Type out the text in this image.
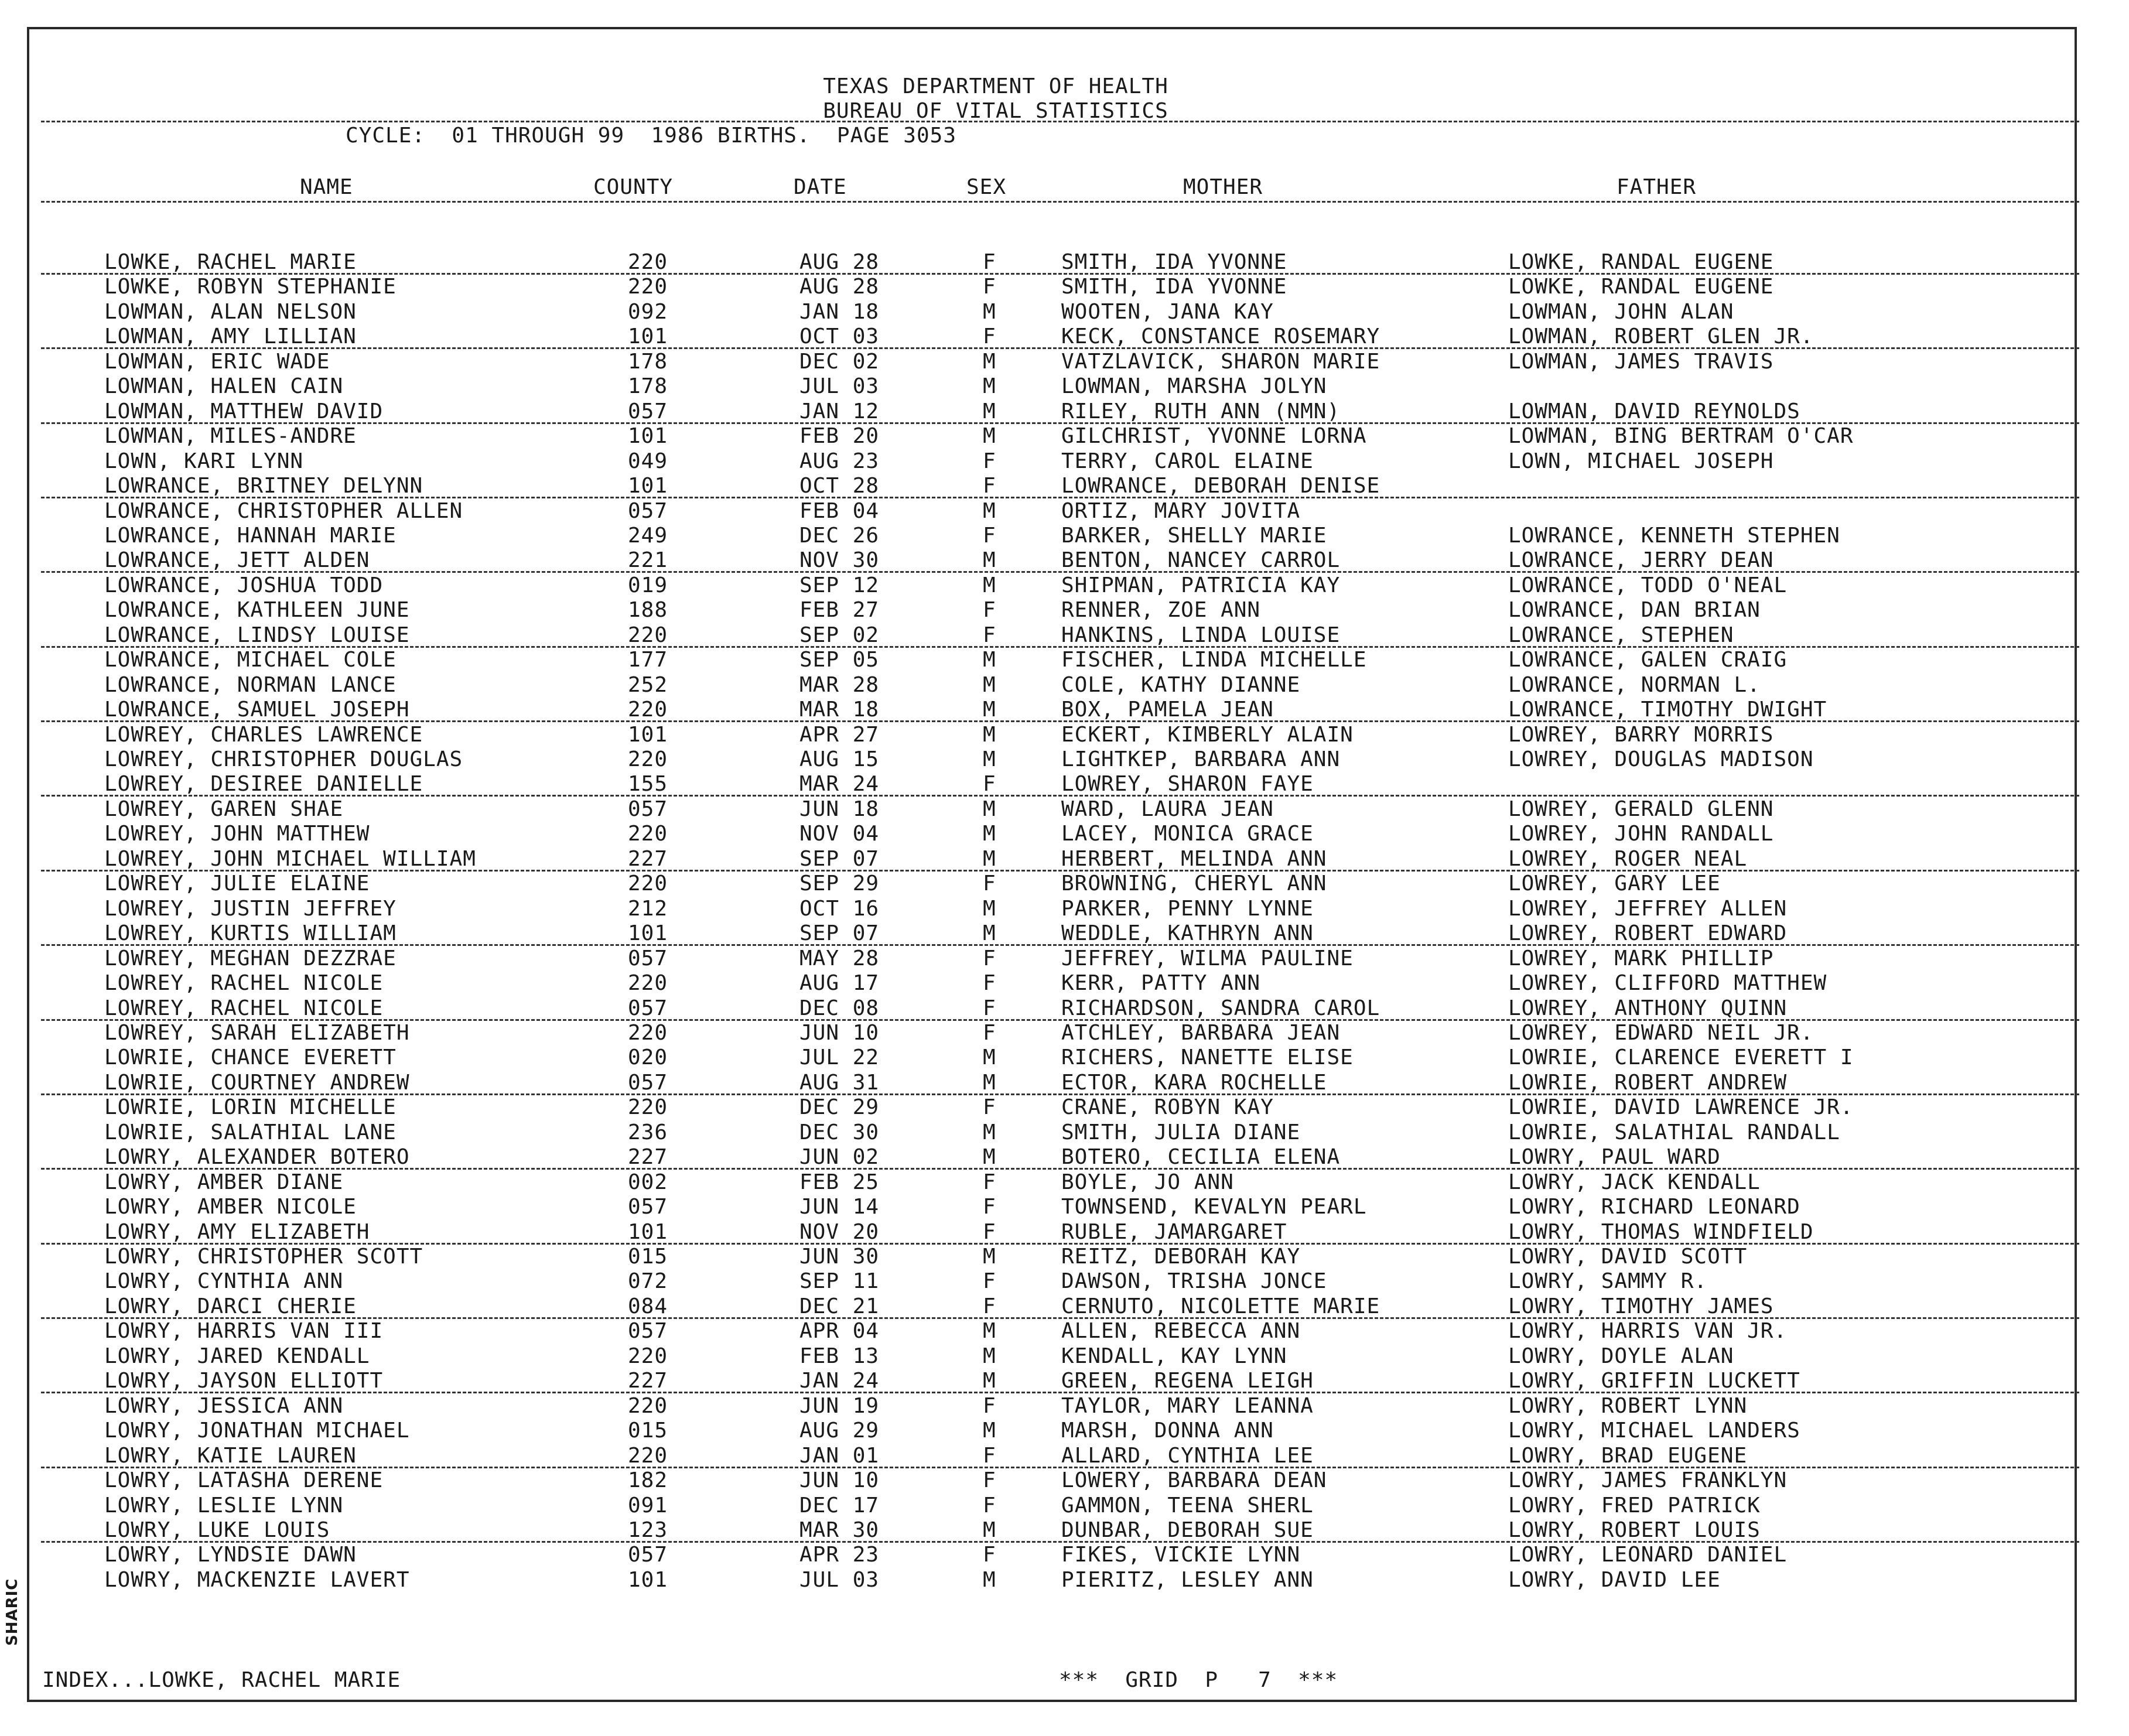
TEXAS DEPARTMENT OF HEALTH
BUREAU OF VITAL STATISTICS
CYCLE:  01 THROUGH 99  1986 BIRTHS.  PAGE 3053
NAME	COUNTY	DATE	SEX	MOTHER	FATHER
LOWKE, RACHEL MARIE	220	AUG 28	F	SMITH, IDA YVONNE	LOWKE, RANDAL EUGENE
LOWKE, ROBYN STEPHANIE	220	AUG 28	F	SMITH, IDA YVONNE	LOWKE, RANDAL EUGENE
LOWMAN, ALAN NELSON	092	JAN 18	M	WOOTEN, JANA KAY	LOWMAN, JOHN ALAN
LOWMAN, AMY LILLIAN	101	OCT 03	F	KECK, CONSTANCE ROSEMARY	LOWMAN, ROBERT GLEN JR.
LOWMAN, ERIC WADE	178	DEC 02	M	VATZLAVICK, SHARON MARIE	LOWMAN, JAMES TRAVIS
LOWMAN, HALEN CAIN	178	JUL 03	M	LOWMAN, MARSHA JOLYN
LOWMAN, MATTHEW DAVID	057	JAN 12	M	RILEY, RUTH ANN (NMN)	LOWMAN, DAVID REYNOLDS
LOWMAN, MILES-ANDRE	101	FEB 20	M	GILCHRIST, YVONNE LORNA	LOWMAN, BING BERTRAM O'CAR
LOWN, KARI LYNN	049	AUG 23	F	TERRY, CAROL ELAINE	LOWN, MICHAEL JOSEPH
LOWRANCE, BRITNEY DELYNN	101	OCT 28	F	LOWRANCE, DEBORAH DENISE
LOWRANCE, CHRISTOPHER ALLEN	057	FEB 04	M	ORTIZ, MARY JOVITA
LOWRANCE, HANNAH MARIE	249	DEC 26	F	BARKER, SHELLY MARIE	LOWRANCE, KENNETH STEPHEN
LOWRANCE, JETT ALDEN	221	NOV 30	M	BENTON, NANCEY CARROL	LOWRANCE, JERRY DEAN
LOWRANCE, JOSHUA TODD	019	SEP 12	M	SHIPMAN, PATRICIA KAY	LOWRANCE, TODD O'NEAL
LOWRANCE, KATHLEEN JUNE	188	FEB 27	F	RENNER, ZOE ANN	LOWRANCE, DAN BRIAN
LOWRANCE, LINDSY LOUISE	220	SEP 02	F	HANKINS, LINDA LOUISE	LOWRANCE, STEPHEN
LOWRANCE, MICHAEL COLE	177	SEP 05	M	FISCHER, LINDA MICHELLE	LOWRANCE, GALEN CRAIG
LOWRANCE, NORMAN LANCE	252	MAR 28	M	COLE, KATHY DIANNE	LOWRANCE, NORMAN L.
LOWRANCE, SAMUEL JOSEPH	220	MAR 18	M	BOX, PAMELA JEAN	LOWRANCE, TIMOTHY DWIGHT
LOWREY, CHARLES LAWRENCE	101	APR 27	M	ECKERT, KIMBERLY ALAIN	LOWREY, BARRY MORRIS
LOWREY, CHRISTOPHER DOUGLAS	220	AUG 15	M	LIGHTKEP, BARBARA ANN	LOWREY, DOUGLAS MADISON
LOWREY, DESIREE DANIELLE	155	MAR 24	F	LOWREY, SHARON FAYE
LOWREY, GAREN SHAE	057	JUN 18	M	WARD, LAURA JEAN	LOWREY, GERALD GLENN
LOWREY, JOHN MATTHEW	220	NOV 04	M	LACEY, MONICA GRACE	LOWREY, JOHN RANDALL
LOWREY, JOHN MICHAEL WILLIAM	227	SEP 07	M	HERBERT, MELINDA ANN	LOWREY, ROGER NEAL
LOWREY, JULIE ELAINE	220	SEP 29	F	BROWNING, CHERYL ANN	LOWREY, GARY LEE
LOWREY, JUSTIN JEFFREY	212	OCT 16	M	PARKER, PENNY LYNNE	LOWREY, JEFFREY ALLEN
LOWREY, KURTIS WILLIAM	101	SEP 07	M	WEDDLE, KATHRYN ANN	LOWREY, ROBERT EDWARD
LOWREY, MEGHAN DEZZRAE	057	MAY 28	F	JEFFREY, WILMA PAULINE	LOWREY, MARK PHILLIP
LOWREY, RACHEL NICOLE	220	AUG 17	F	KERR, PATTY ANN	LOWREY, CLIFFORD MATTHEW
LOWREY, RACHEL NICOLE	057	DEC 08	F	RICHARDSON, SANDRA CAROL	LOWREY, ANTHONY QUINN
LOWREY, SARAH ELIZABETH	220	JUN 10	F	ATCHLEY, BARBARA JEAN	LOWREY, EDWARD NEIL JR.
LOWRIE, CHANCE EVERETT	020	JUL 22	M	RICHERS, NANETTE ELISE	LOWRIE, CLARENCE EVERETT I
LOWRIE, COURTNEY ANDREW	057	AUG 31	M	ECTOR, KARA ROCHELLE	LOWRIE, ROBERT ANDREW
LOWRIE, LORIN MICHELLE	220	DEC 29	F	CRANE, ROBYN KAY	LOWRIE, DAVID LAWRENCE JR.
LOWRIE, SALATHIAL LANE	236	DEC 30	M	SMITH, JULIA DIANE	LOWRIE, SALATHIAL RANDALL
LOWRY, ALEXANDER BOTERO	227	JUN 02	M	BOTERO, CECILIA ELENA	LOWRY, PAUL WARD
LOWRY, AMBER DIANE	002	FEB 25	F	BOYLE, JO ANN	LOWRY, JACK KENDALL
LOWRY, AMBER NICOLE	057	JUN 14	F	TOWNSEND, KEVALYN PEARL	LOWRY, RICHARD LEONARD
LOWRY, AMY ELIZABETH	101	NOV 20	F	RUBLE, JAMARGARET	LOWRY, THOMAS WINDFIELD
LOWRY, CHRISTOPHER SCOTT	015	JUN 30	M	REITZ, DEBORAH KAY	LOWRY, DAVID SCOTT
LOWRY, CYNTHIA ANN	072	SEP 11	F	DAWSON, TRISHA JONCE	LOWRY, SAMMY R.
LOWRY, DARCI CHERIE	084	DEC 21	F	CERNUTO, NICOLETTE MARIE	LOWRY, TIMOTHY JAMES
LOWRY, HARRIS VAN III	057	APR 04	M	ALLEN, REBECCA ANN	LOWRY, HARRIS VAN JR.
LOWRY, JARED KENDALL	220	FEB 13	M	KENDALL, KAY LYNN	LOWRY, DOYLE ALAN
LOWRY, JAYSON ELLIOTT	227	JAN 24	M	GREEN, REGENA LEIGH	LOWRY, GRIFFIN LUCKETT
LOWRY, JESSICA ANN	220	JUN 19	F	TAYLOR, MARY LEANNA	LOWRY, ROBERT LYNN
LOWRY, JONATHAN MICHAEL	015	AUG 29	M	MARSH, DONNA ANN	LOWRY, MICHAEL LANDERS
LOWRY, KATIE LAUREN	220	JAN 01	F	ALLARD, CYNTHIA LEE	LOWRY, BRAD EUGENE
LOWRY, LATASHA DERENE	182	JUN 10	F	LOWERY, BARBARA DEAN	LOWRY, JAMES FRANKLYN
LOWRY, LESLIE LYNN	091	DEC 17	F	GAMMON, TEENA SHERL	LOWRY, FRED PATRICK
LOWRY, LUKE LOUIS	123	MAR 30	M	DUNBAR, DEBORAH SUE	LOWRY, ROBERT LOUIS
LOWRY, LYNDSIE DAWN	057	APR 23	F	FIKES, VICKIE LYNN	LOWRY, LEONARD DANIEL
LOWRY, MACKENZIE LAVERT	101	JUL 03	M	PIERITZ, LESLEY ANN	LOWRY, DAVID LEE
INDEX...LOWKE, RACHEL MARIE	***  GRID  P   7  ***
SHARIC
